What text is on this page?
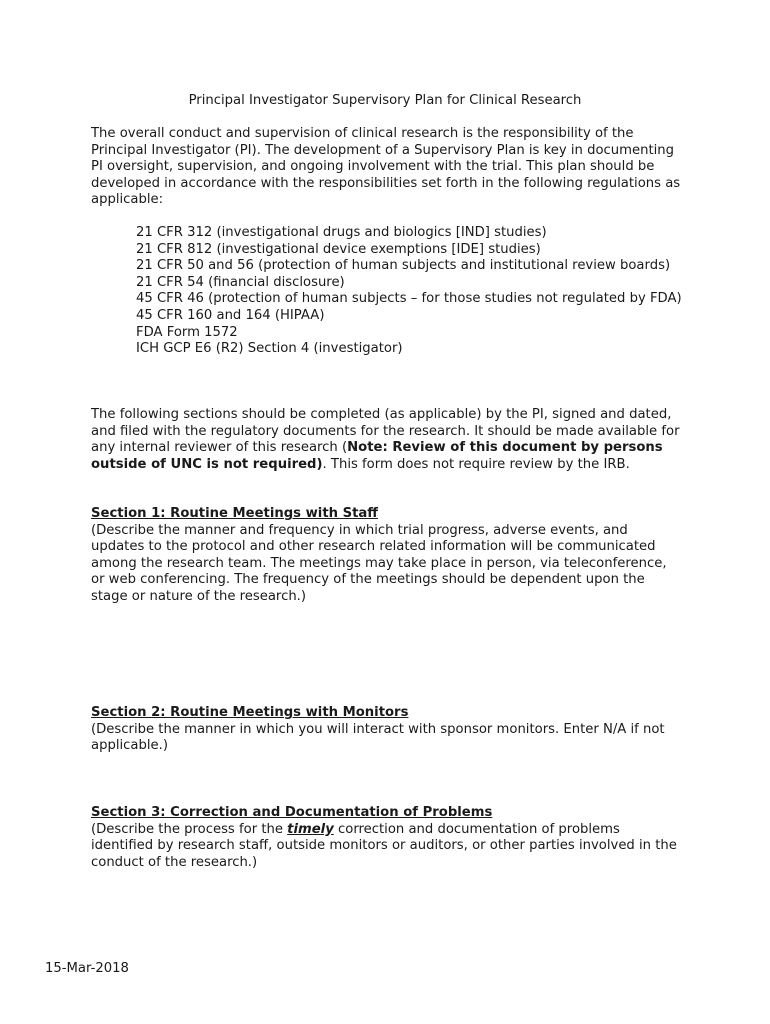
Principal Investigator Supervisory Plan for Clinical Research

The overall conduct and supervision of clinical research is the responsibility of the Principal Investigator (PI). The development of a Supervisory Plan is key in documenting PI oversight, supervision, and ongoing involvement with the trial. This plan should be developed in accordance with the responsibilities set forth in the following regulations as applicable:

21 CFR 312 (investigational drugs and biologics [IND] studies)

21 CFR 812 (investigational device exemptions [IDE] studies)

21 CFR 50 and 56 (protection of human subjects and institutional review boards)

21 CFR 54 (financial disclosure)

45 CFR 46 (protection of human subjects – for those studies not regulated by FDA)

45 CFR 160 and 164 (HIPAA)

FDA Form 1572

ICH GCP E6 (R2) Section 4 (investigator)

The following sections should be completed (as applicable) by the PI, signed and dated, and filed with the regulatory documents for the research. It should be made available for any internal reviewer of this research (Note: Review of this document by persons outside of UNC is not required). This form does not require review by the IRB.

Section 1: Routine Meetings with Staff

(Describe the manner and frequency in which trial progress, adverse events, and updates to the protocol and other research related information will be communicated among the research team. The meetings may take place in person, via teleconference, or web conferencing. The frequency of the meetings should be dependent upon the stage or nature of the research.)

Section 2: Routine Meetings with Monitors

(Describe the manner in which you will interact with sponsor monitors. Enter N/A if not applicable.)

Section 3: Correction and Documentation of Problems

(Describe the process for the timely correction and documentation of problems identified by research staff, outside monitors or auditors, or other parties involved in the conduct of the research.)

15-Mar-2018
